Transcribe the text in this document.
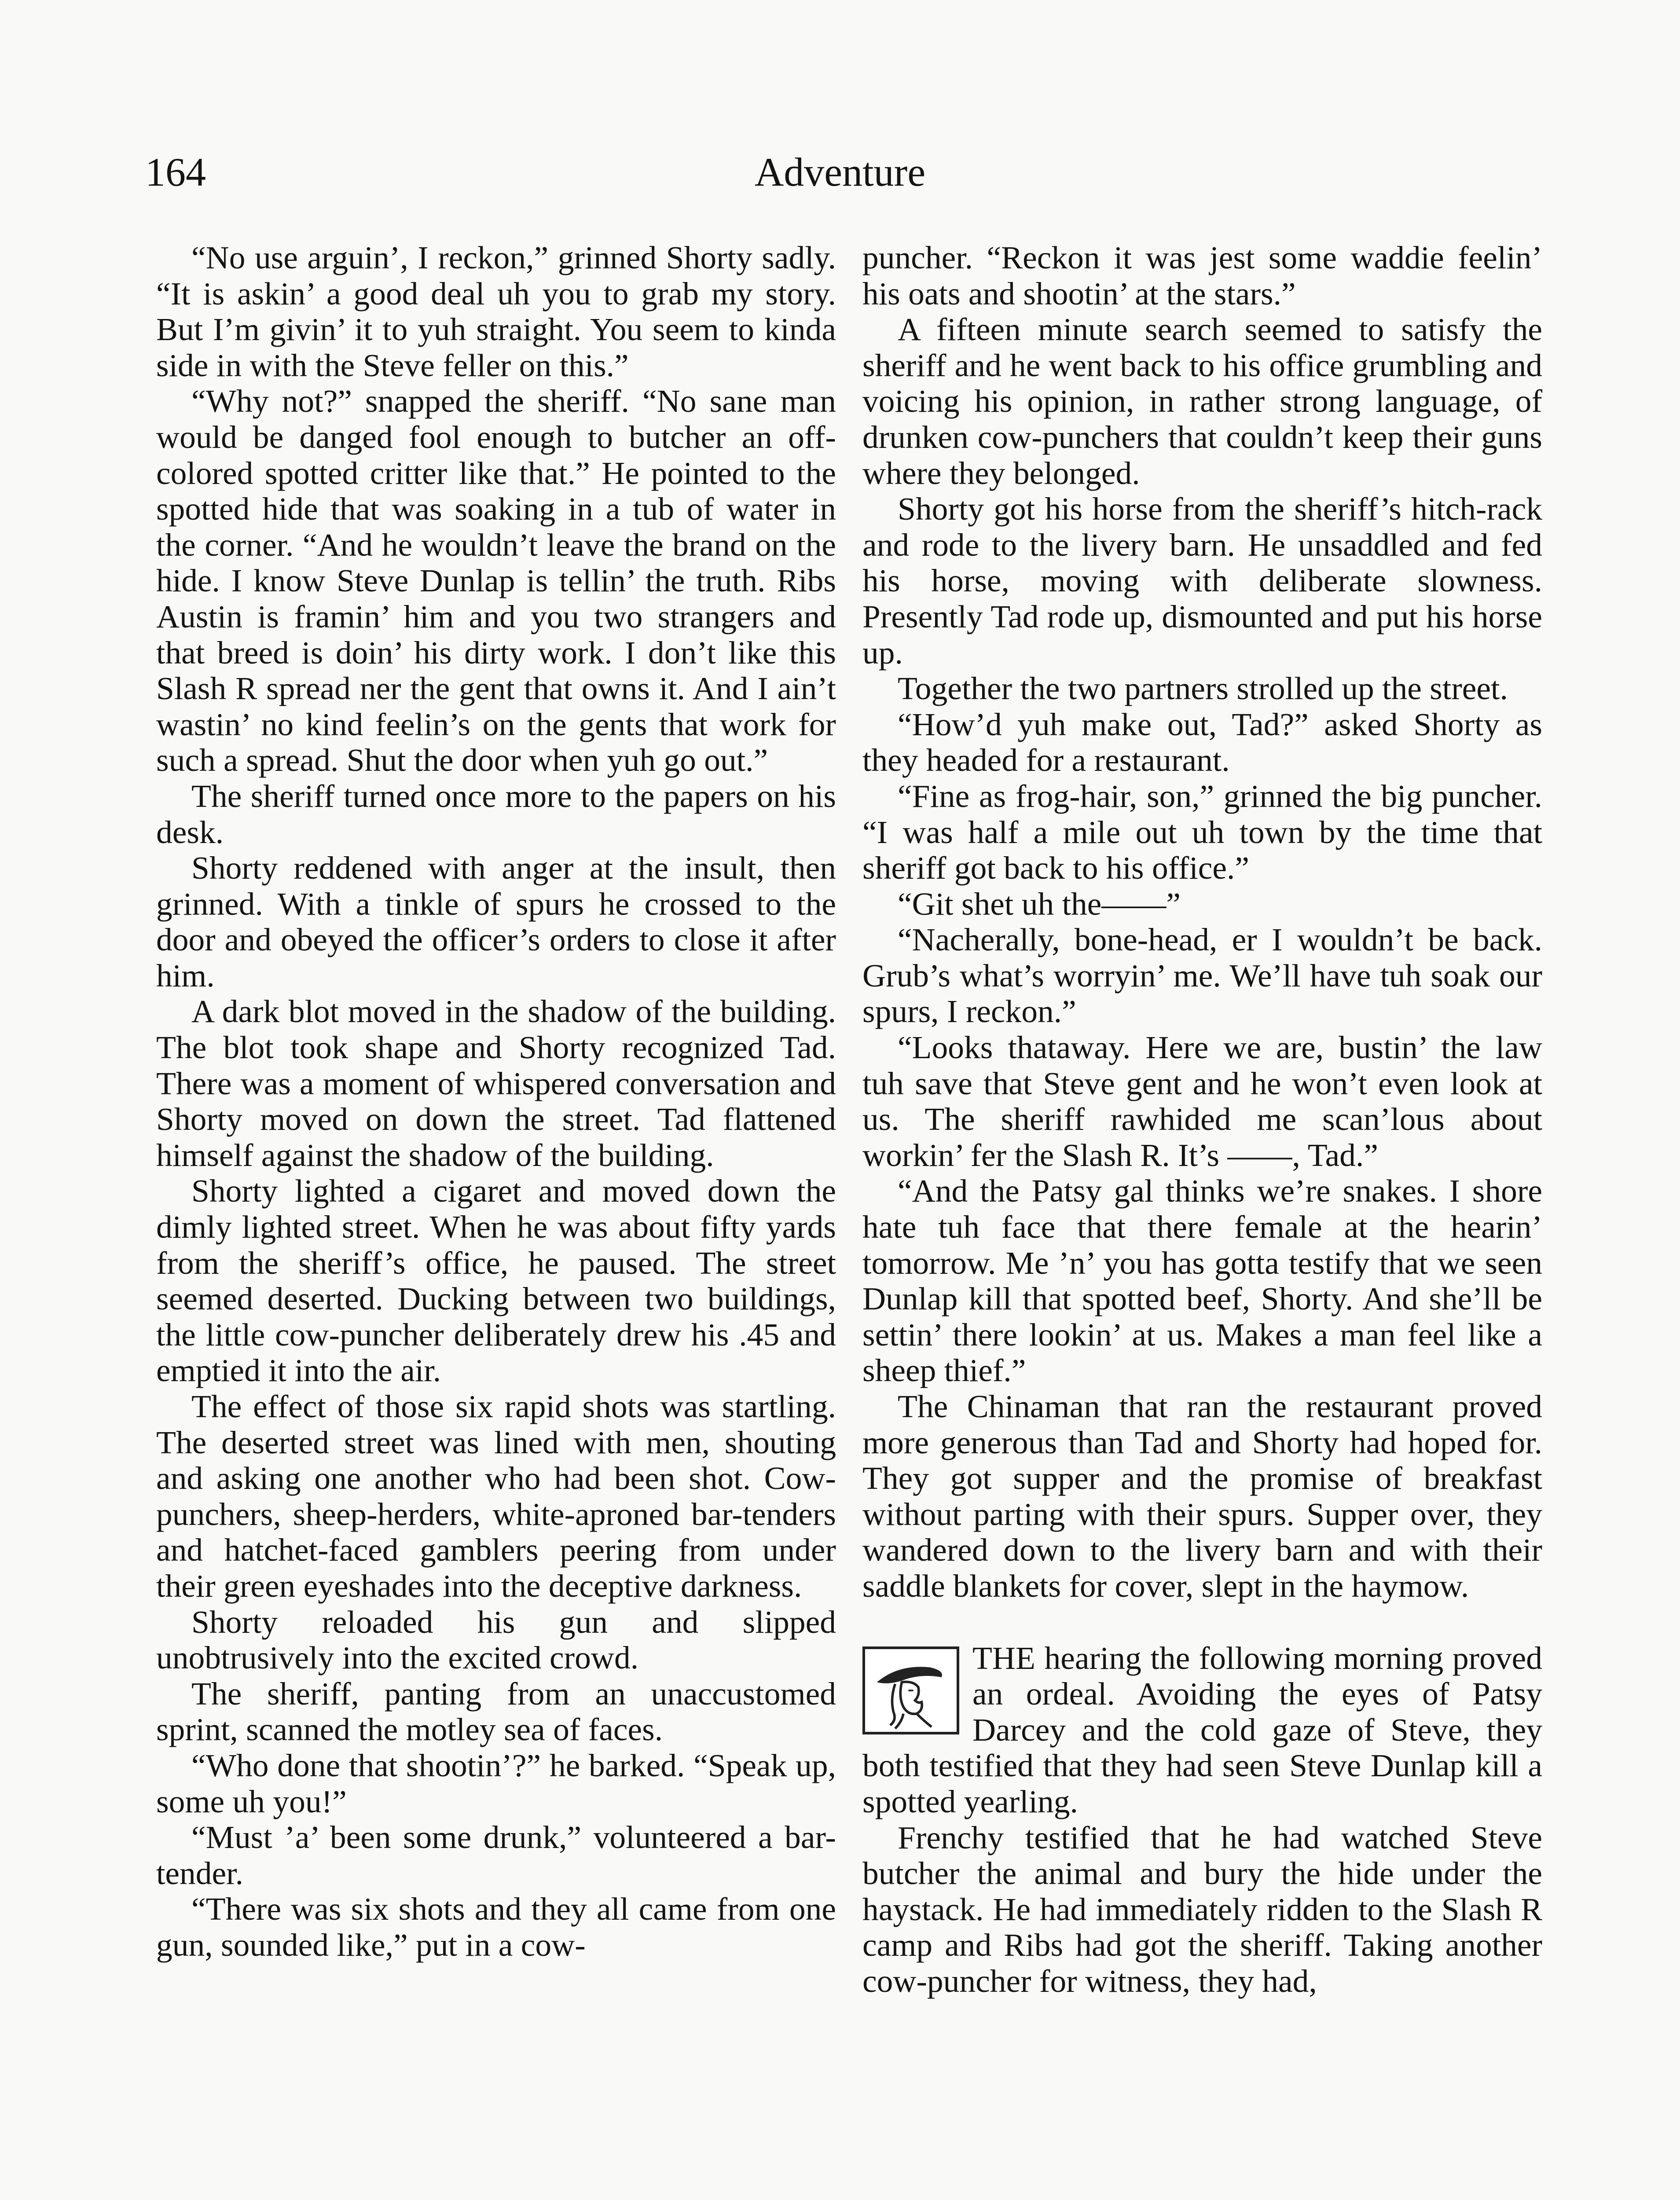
164	Adventure

“No use arguin’, I reckon,” grinned Shorty sadly. “It is askin’ a good deal uh you to grab my story. But I’m givin’ it to yuh straight. You seem to kinda side in with the Steve feller on this.”

“Why not?” snapped the sheriff. “No sane man would be danged fool enough to butcher an off-colored spotted critter like that.” He pointed to the spotted hide that was soaking in a tub of water in the corner. “And he wouldn’t leave the brand on the hide. I know Steve Dunlap is tellin’ the truth. Ribs Austin is framin’ him and you two strangers and that breed is doin’ his dirty work. I don’t like this Slash R spread ner the gent that owns it. And I ain’t wastin’ no kind feelin’s on the gents that work for such a spread. Shut the door when yuh go out.”

The sheriff turned once more to the papers on his desk.

Shorty reddened with anger at the insult, then grinned. With a tinkle of spurs he crossed to the door and obeyed the officer’s orders to close it after him.

A dark blot moved in the shadow of the building. The blot took shape and Shorty recognized Tad. There was a moment of whispered conversation and Shorty moved on down the street. Tad flattened himself against the shadow of the building.

Shorty lighted a cigaret and moved down the dimly lighted street. When he was about fifty yards from the sheriff’s office, he paused. The street seemed deserted. Ducking between two buildings, the little cow-puncher deliberately drew his .45 and emptied it into the air.

The effect of those six rapid shots was startling. The deserted street was lined with men, shouting and asking one another who had been shot. Cow-punchers, sheep-herders, white-aproned bar-tenders and hatchet-faced gamblers peering from under their green eyeshades into the deceptive darkness.

Shorty reloaded his gun and slipped unobtrusively into the excited crowd.

The sheriff, panting from an unaccustomed sprint, scanned the motley sea of faces.

“Who done that shootin’?” he barked. “Speak up, some uh you!”

“Must ’a’ been some drunk,” volunteered a bar-tender.

“There was six shots and they all came from one gun, sounded like,” put in a cow-

puncher. “Reckon it was jest some waddie feelin’ his oats and shootin’ at the stars.”

A fifteen minute search seemed to satisfy the sheriff and he went back to his office grumbling and voicing his opinion, in rather strong language, of drunken cow-punchers that couldn’t keep their guns where they belonged.

Shorty got his horse from the sheriff’s hitch-rack and rode to the livery barn. He unsaddled and fed his horse, moving with deliberate slowness. Presently Tad rode up, dismounted and put his horse up.

Together the two partners strolled up the street.

“How’d yuh make out, Tad?” asked Shorty as they headed for a restaurant.

“Fine as frog-hair, son,” grinned the big puncher. “I was half a mile out uh town by the time that sheriff got back to his office.”

“Git shet uh the——”

“Nacherally, bone-head, er I wouldn’t be back. Grub’s what’s worryin’ me. We’ll have tuh soak our spurs, I reckon.”

“Looks thataway. Here we are, bustin’ the law tuh save that Steve gent and he won’t even look at us. The sheriff rawhided me scan’lous about workin’ fer the Slash R. It’s ——, Tad.”

“And the Patsy gal thinks we’re snakes. I shore hate tuh face that there female at the hearin’ tomorrow. Me ’n’ you has gotta testify that we seen Dunlap kill that spotted beef, Shorty. And she’ll be settin’ there lookin’ at us. Makes a man feel like a sheep thief.”

The Chinaman that ran the restaurant proved more generous than Tad and Shorty had hoped for. They got supper and the promise of breakfast without parting with their spurs. Supper over, they wandered down to the livery barn and with their saddle blankets for cover, slept in the haymow.

THE hearing the following morning proved an ordeal. Avoiding the eyes of Patsy Darcey and the cold gaze of Steve, they both testified that they had seen Steve Dunlap kill a spotted yearling.

Frenchy testified that he had watched Steve butcher the animal and bury the hide under the haystack. He had immediately ridden to the Slash R camp and Ribs had got the sheriff. Taking another cow-puncher for witness, they had,
